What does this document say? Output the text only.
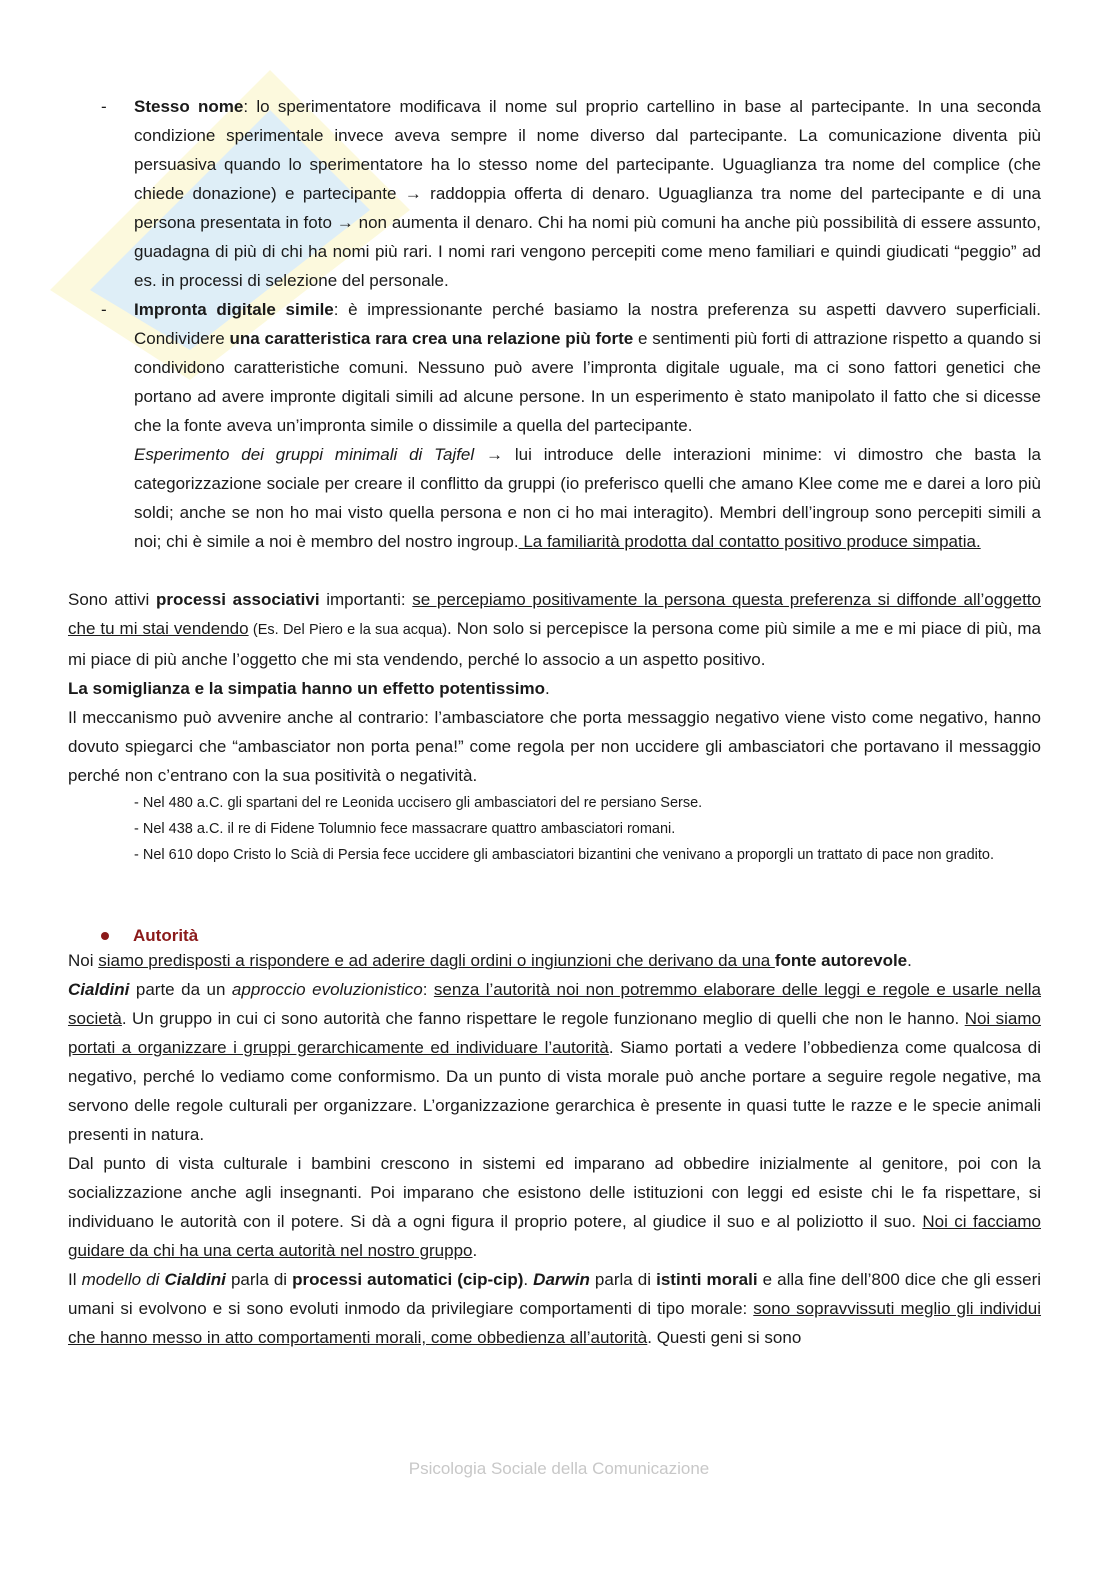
- Stesso nome: lo sperimentatore modificava il nome sul proprio cartellino in base al partecipante. In una seconda condizione sperimentale invece aveva sempre il nome diverso dal partecipante. La comunicazione diventa più persuasiva quando lo sperimentatore ha lo stesso nome del partecipante. Uguaglianza tra nome del complice (che chiede donazione) e partecipante → raddoppia offerta di denaro. Uguaglianza tra nome del partecipante e di una persona presentata in foto → non aumenta il denaro. Chi ha nomi più comuni ha anche più possibilità di essere assunto, guadagna di più di chi ha nomi più rari. I nomi rari vengono percepiti come meno familiari e quindi giudicati “peggio” ad es. in processi di selezione del personale.
- Impronta digitale simile: è impressionante perché basiamo la nostra preferenza su aspetti davvero superficiali. Condividere una caratteristica rara crea una relazione più forte e sentimenti più forti di attrazione rispetto a quando si condividono caratteristiche comuni. Nessuno può avere l’impronta digitale uguale, ma ci sono fattori genetici che portano ad avere impronte digitali simili ad alcune persone. In un esperimento è stato manipolato il fatto che si dicesse che la fonte aveva un’impronta simile o dissimile a quella del partecipante.

Esperimento dei gruppi minimali di Tajfel → lui introduce delle interazioni minime: vi dimostro che basta la categorizzazione sociale per creare il conflitto da gruppi (io preferisco quelli che amano Klee come me e darei a loro più soldi; anche se non ho mai visto quella persona e non ci ho mai interagito). Membri dell’ingroup sono percepiti simili a noi; chi è simile a noi è membro del nostro ingroup. La familiarità prodotta dal contatto positivo produce simpatia.

Sono attivi processi associativi importanti: se percepiamo positivamente la persona questa preferenza si diffonde all’oggetto che tu mi stai vendendo (Es. Del Piero e la sua acqua). Non solo si percepisce la persona come più simile a me e mi piace di più, ma mi piace di più anche l’oggetto che mi sta vendendo, perché lo associo a un aspetto positivo.
La somiglianza e la simpatia hanno un effetto potentissimo.

Il meccanismo può avvenire anche al contrario: l’ambasciatore che porta messaggio negativo viene visto come negativo, hanno dovuto spiegarci che “ambasciator non porta pena!” come regola per non uccidere gli ambasciatori che portavano il messaggio perché non c’entrano con la sua positività o negatività.

- Nel 480 a.C. gli spartani del re Leonida uccisero gli ambasciatori del re persiano Serse.
- Nel 438 a.C. il re di Fidene Tolumnio fece massacrare quattro ambasciatori romani.
- Nel 610 dopo Cristo lo Scià di Persia fece uccidere gli ambasciatori bizantini che venivano a proporgli un trattato di pace non gradito.
Autorità

Noi siamo predisposti a rispondere e ad aderire dagli ordini o ingiunzioni che derivano da una fonte autorevole.

Cialdini parte da un approccio evoluzionistico: senza l’autorità noi non potremmo elaborare delle leggi e regole e usarle nella società. Un gruppo in cui ci sono autorità che fanno rispettare le regole funzionano meglio di quelli che non le hanno. Noi siamo portati a organizzare i gruppi gerarchicamente ed individuare l’autorità. Siamo portati a vedere l’obbedienza come qualcosa di negativo, perché lo vediamo come conformismo. Da un punto di vista morale può anche portare a seguire regole negative, ma servono delle regole culturali per organizzare. L’organizzazione gerarchica è presente in quasi tutte le razze e le specie animali presenti in natura.

Dal punto di vista culturale i bambini crescono in sistemi ed imparano ad obbedire inizialmente al genitore, poi con la socializzazione anche agli insegnanti. Poi imparano che esistono delle istituzioni con leggi ed esiste chi le fa rispettare, si individuano le autorità con il potere. Si dà a ogni figura il proprio potere, al giudice il suo e al poliziotto il suo. Noi ci facciamo guidare da chi ha una certa autorità nel nostro gruppo.

Il modello di Cialdini parla di processi automatici (cip-cip). Darwin parla di istinti morali e alla fine dell’800 dice che gli esseri umani si evolvono e si sono evoluti inmodo da privilegiare comportamenti di tipo morale: sono sopravvissuti meglio gli individui che hanno messo in atto comportamenti morali, come obbedienza all’autorità. Questi geni si sono

Psicologia Sociale della Comunicazione
